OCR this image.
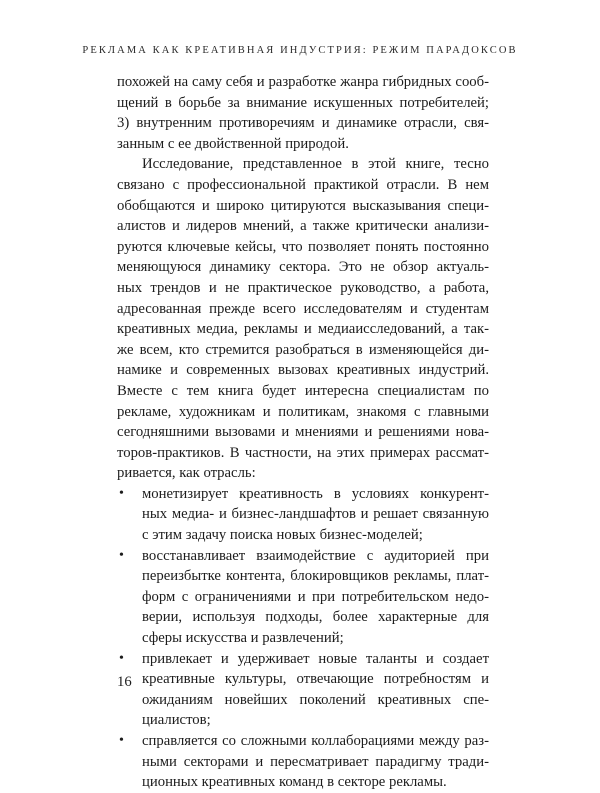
РЕКЛАМА КАК КРЕАТИВНАЯ ИНДУСТРИЯ: РЕЖИМ ПАРАДОКСОВ
похожей на саму себя и разработке жанра гибридных сооб-
щений в борьбе за внимание искушенных потребителей;
3) внутренним противоречиям и динамике отрасли, свя-
занным с ее двойственной природой.
Исследование, представленное в этой книге, тесно
связано с профессиональной практикой отрасли. В нем
обобщаются и широко цитируются высказывания специ-
алистов и лидеров мнений, а также критически анализи-
руются ключевые кейсы, что позволяет понять постоянно
меняющуюся динамику сектора. Это не обзор актуаль-
ных трендов и не практическое руководство, а работа,
адресованная прежде всего исследователям и студентам
креативных медиа, рекламы и медиаисследований, а так-
же всем, кто стремится разобраться в изменяющейся ди-
намике и современных вызовах креативных индустрий.
Вместе с тем книга будет интересна специалистам по
рекламе, художникам и политикам, знакомя с главными
сегодняшними вызовами и мнениями и решениями нова-
торов-практиков. В частности, на этих примерах рассмат-
ривается, как отрасль:
• монетизирует креативность в условиях конкурент-
ных медиа- и бизнес-ландшафтов и решает связанную
с этим задачу поиска новых бизнес-моделей;
• восстанавливает взаимодействие с аудиторией при
переизбытке контента, блокировщиков рекламы, плат-
форм с ограничениями и при потребительском недо-
верии, используя подходы, более характерные для
сферы искусства и развлечений;
• привлекает и удерживает новые таланты и создает
креативные культуры, отвечающие потребностям и
ожиданиям новейших поколений креативных спе-
циалистов;
• справляется со сложными коллаборациями между раз-
ными секторами и пересматривает парадигму тради-
ционных креативных команд в секторе рекламы.
16
